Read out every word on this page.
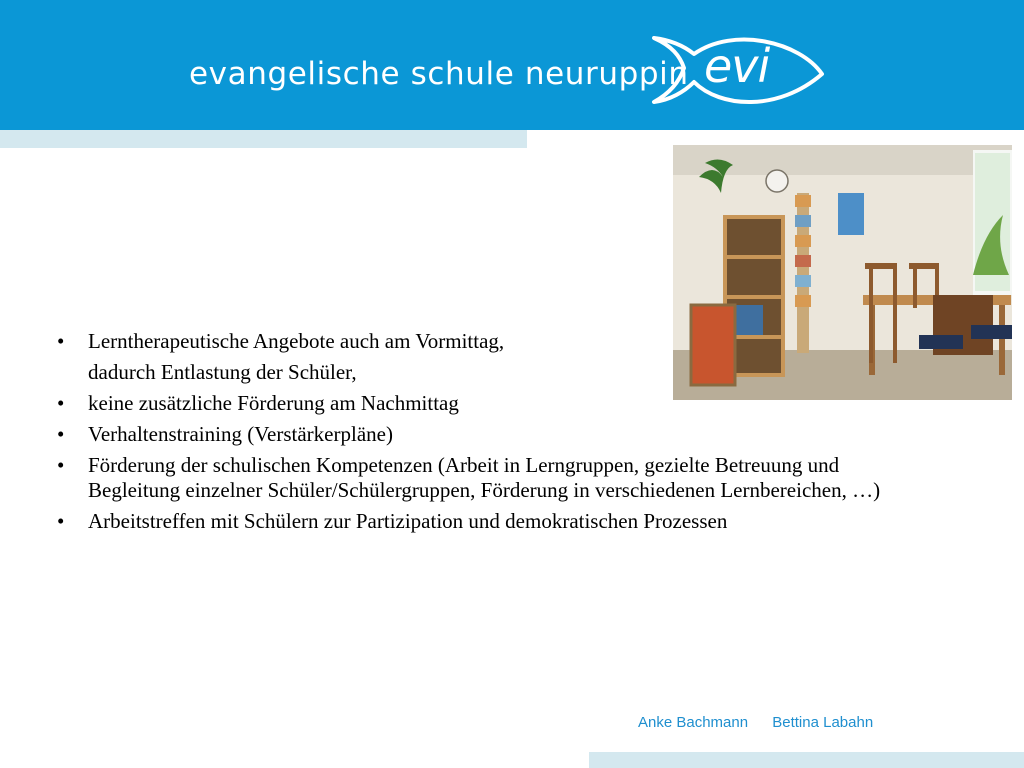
evangelische schule neuruppin evi
• Lerntherapeutische Angebote auch am Vormittag,
dadurch Entlastung der Schüler,
• keine zusätzliche Förderung am Nachmittag
• Verhaltenstraining (Verstärkerpläne)
• Förderung der schulischen Kompetenzen (Arbeit in Lerngruppen, gezielte Betreuung und Begleitung einzelner Schüler/Schülergruppen, Förderung in verschiedenen Lernbereichen, …)
• Arbeitstreffen mit Schülern zur Partizipation und demokratischen Prozessen
Anke Bachmann Bettina Labahn
